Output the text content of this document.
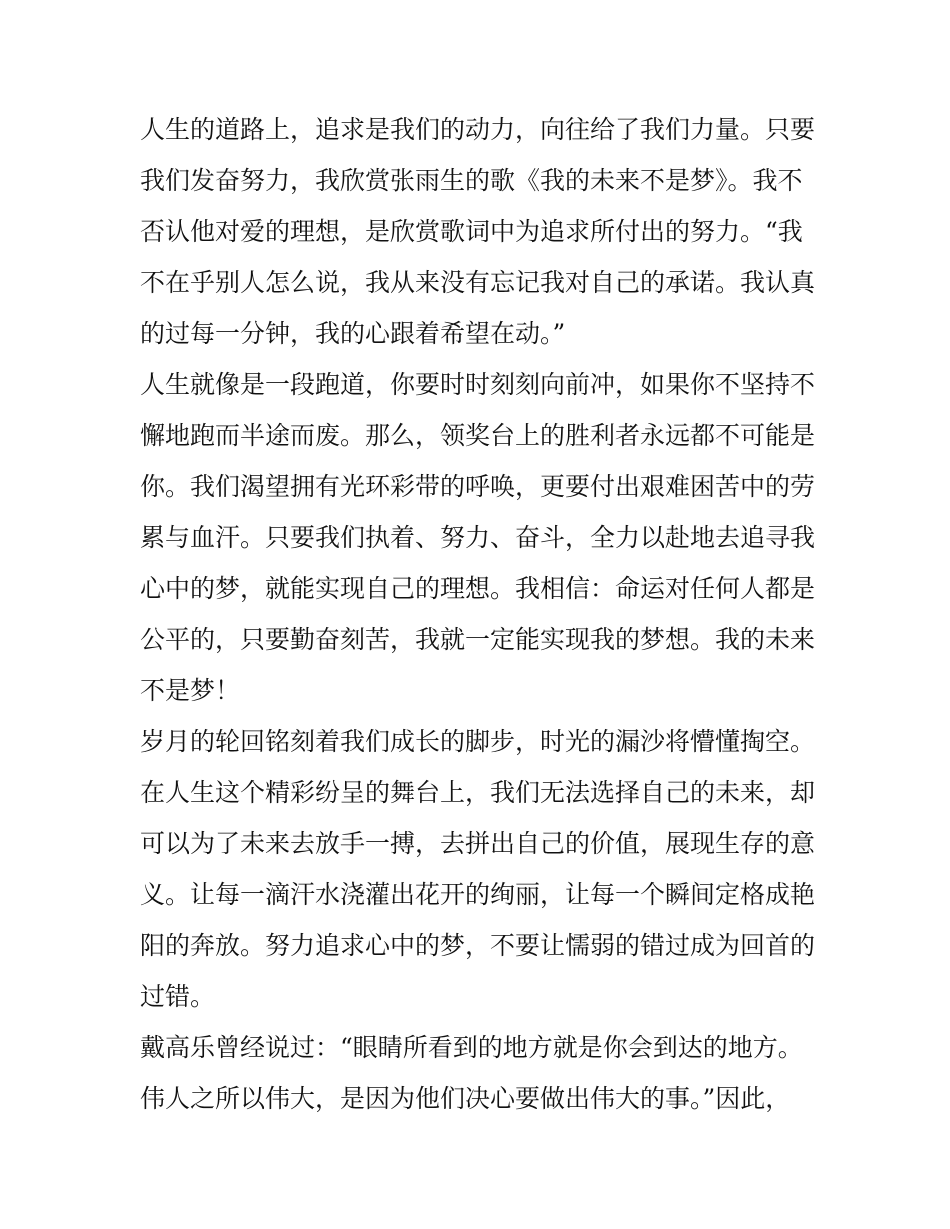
人生的道路上，追求是我们的动力，向往给了我们力量。只要
我们发奋努力，我欣赏张雨生的歌《我的未来不是梦》。我不
否认他对爱的理想，是欣赏歌词中为追求所付出的努力。“我
不在乎别人怎么说，我从来没有忘记我对自己的承诺。我认真
的过每一分钟，我的心跟着希望在动。”
人生就像是一段跑道，你要时时刻刻向前冲，如果你不坚持不
懈地跑而半途而废。那么，领奖台上的胜利者永远都不可能是
你。我们渴望拥有光环彩带的呼唤，更要付出艰难困苦中的劳
累与血汗。只要我们执着、努力、奋斗，全力以赴地去追寻我
心中的梦，就能实现自己的理想。我相信：命运对任何人都是
公平的，只要勤奋刻苦，我就一定能实现我的梦想。我的未来
不是梦！
岁月的轮回铭刻着我们成长的脚步，时光的漏沙将懵懂掏空。
在人生这个精彩纷呈的舞台上，我们无法选择自己的未来，却
可以为了未来去放手一搏，去拼出自己的价值，展现生存的意
义。让每一滴汗水浇灌出花开的绚丽，让每一个瞬间定格成艳
阳的奔放。努力追求心中的梦，不要让懦弱的错过成为回首的
过错。
戴高乐曾经说过：“眼睛所看到的地方就是你会到达的地方。
伟人之所以伟大，是因为他们决心要做出伟大的事。”因此，
